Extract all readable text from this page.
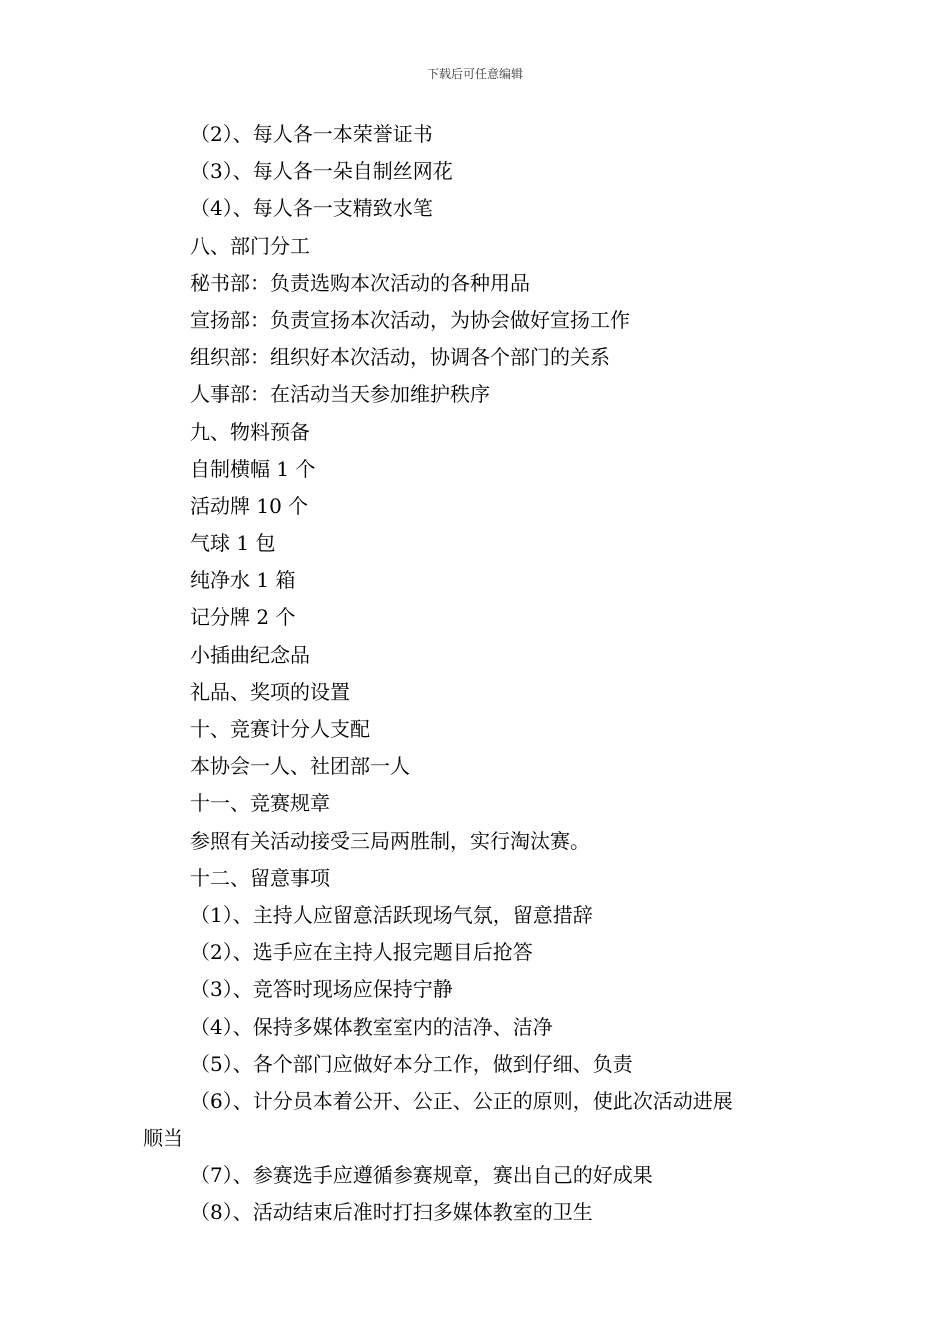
下载后可任意编辑
（2）、每人各一本荣誉证书
（3）、每人各一朵自制丝网花
（4）、每人各一支精致水笔
八、部门分工
秘书部：负责选购本次活动的各种用品
宣扬部：负责宣扬本次活动，为协会做好宣扬工作
组织部：组织好本次活动，协调各个部门的关系
人事部：在活动当天参加维护秩序
九、物料预备
自制横幅 1 个
活动牌 10 个
气球 1 包
纯净水 1 箱
记分牌 2 个
小插曲纪念品
礼品、奖项的设置
十、竞赛计分人支配
本协会一人、社团部一人
十一、竞赛规章
参照有关活动接受三局两胜制，实行淘汰赛。
十二、留意事项
（1）、主持人应留意活跃现场气氛，留意措辞
（2）、选手应在主持人报完题目后抢答
（3）、竞答时现场应保持宁静
（4）、保持多媒体教室室内的洁净、洁净
（5）、各个部门应做好本分工作，做到仔细、负责
（6）、计分员本着公开、公正、公正的原则，使此次活动进展
顺当
（7）、参赛选手应遵循参赛规章，赛出自己的好成果
（8）、活动结束后准时打扫多媒体教室的卫生
